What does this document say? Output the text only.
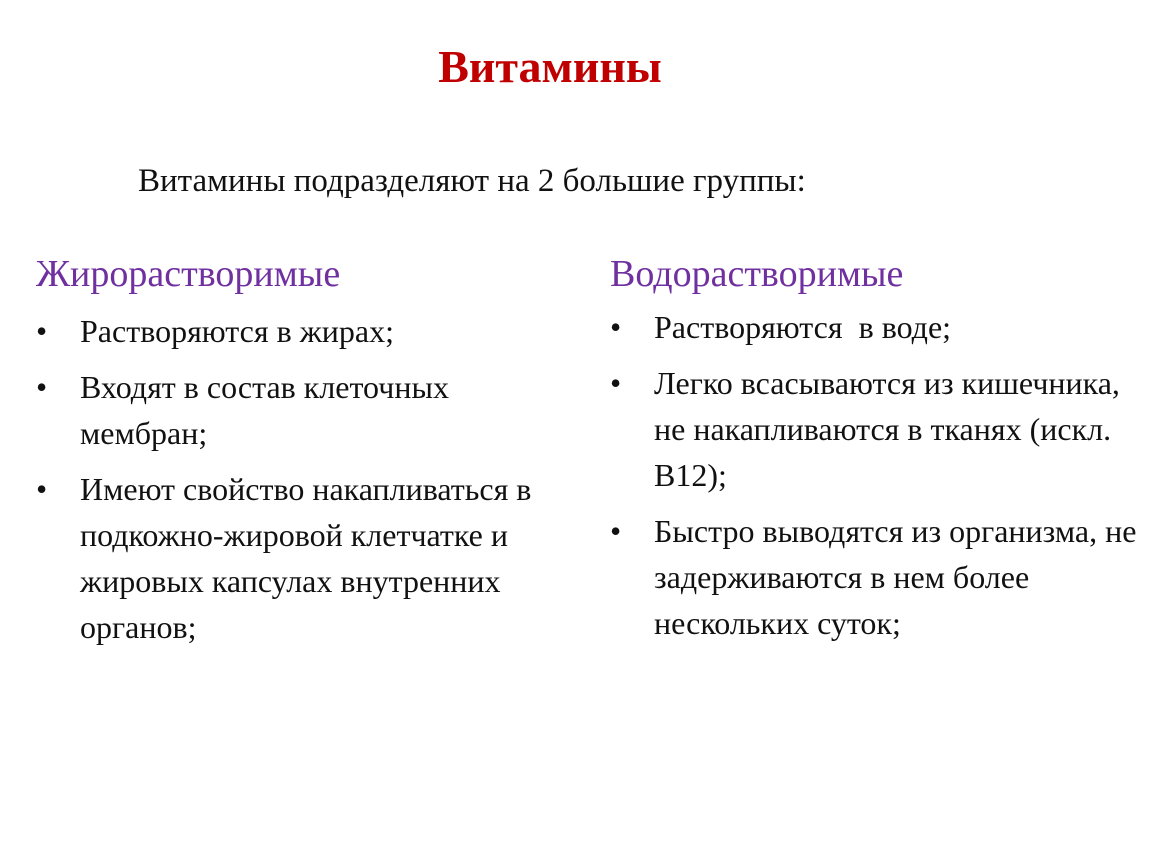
Витамины
Витамины подразделяют на 2 большие группы:
Жирорастворимые
• Растворяются в жирах;
• Входят в состав клеточных мембран;
• Имеют свойство накапливаться в подкожно-жировой клетчатке и жировых капсулах внутренних органов;
Водорастворимые
• Растворяются  в воде;
• Легко всасываются из кишечника, не накапливаются в тканях (искл. В12);
• Быстро выводятся из организма, не задерживаются в нем более нескольких суток;
